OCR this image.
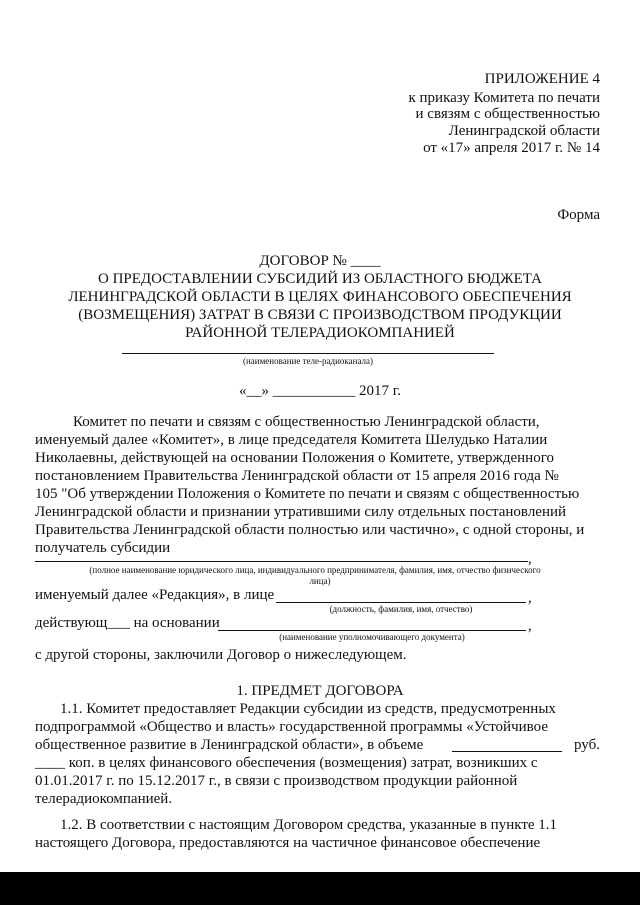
ПРИЛОЖЕНИЕ 4
к приказу Комитета по печати
и связям с общественностью
Ленинградской области
от «17» апреля 2017 г. № 14
Форма
ДОГОВОР № ____
О ПРЕДОСТАВЛЕНИИ СУБСИДИЙ ИЗ ОБЛАСТНОГО БЮДЖЕТА
ЛЕНИНГРАДСКОЙ ОБЛАСТИ В ЦЕЛЯХ ФИНАНСОВОГО ОБЕСПЕЧЕНИЯ
(ВОЗМЕЩЕНИЯ) ЗАТРАТ В СВЯЗИ С ПРОИЗВОДСТВОМ ПРОДУКЦИИ
РАЙОННОЙ ТЕЛЕРАДИОКОМПАНИЕЙ
(наименование теле-радиоканала)
«__» ___________ 2017 г.
Комитет по печати и связям с общественностью Ленинградской области,
именуемый далее «Комитет», в лице председателя Комитета Шелудько Наталии
Николаевны, действующей на основании Положения о Комитете, утвержденного
постановлением Правительства Ленинградской области от 15 апреля 2016 года №
105 "Об утверждении Положения о Комитете по печати и связям с общественностью
Ленинградской области и признании утратившими силу отдельных постановлений
Правительства Ленинградской области полностью или частично», с одной стороны, и
получатель субсидии
,
(полное наименование юридического лица, индивидуального предпринимателя, фамилия, имя, отчество физического
лица)
именуемый далее «Редакция», в лице	,
(должность, фамилия, имя, отчество)
действующ___ на основании	,
(наименование уполномочивающего документа)
с другой стороны, заключили Договор о нижеследующем.
1. ПРЕДМЕТ ДОГОВОРА
1.1. Комитет предоставляет Редакции субсидии из средств, предусмотренных
подпрограммой «Общество и власть» государственной программы «Устойчивое
общественное развитие в Ленинградской области», в объеме	руб.
____ коп. в целях финансового обеспечения (возмещения) затрат, возникших с
01.01.2017 г. по 15.12.2017 г., в связи с производством продукции районной
телерадиокомпанией.
1.2. В соответствии с настоящим Договором средства, указанные в пункте 1.1
настоящего Договора, предоставляются на частичное финансовое обеспечение
